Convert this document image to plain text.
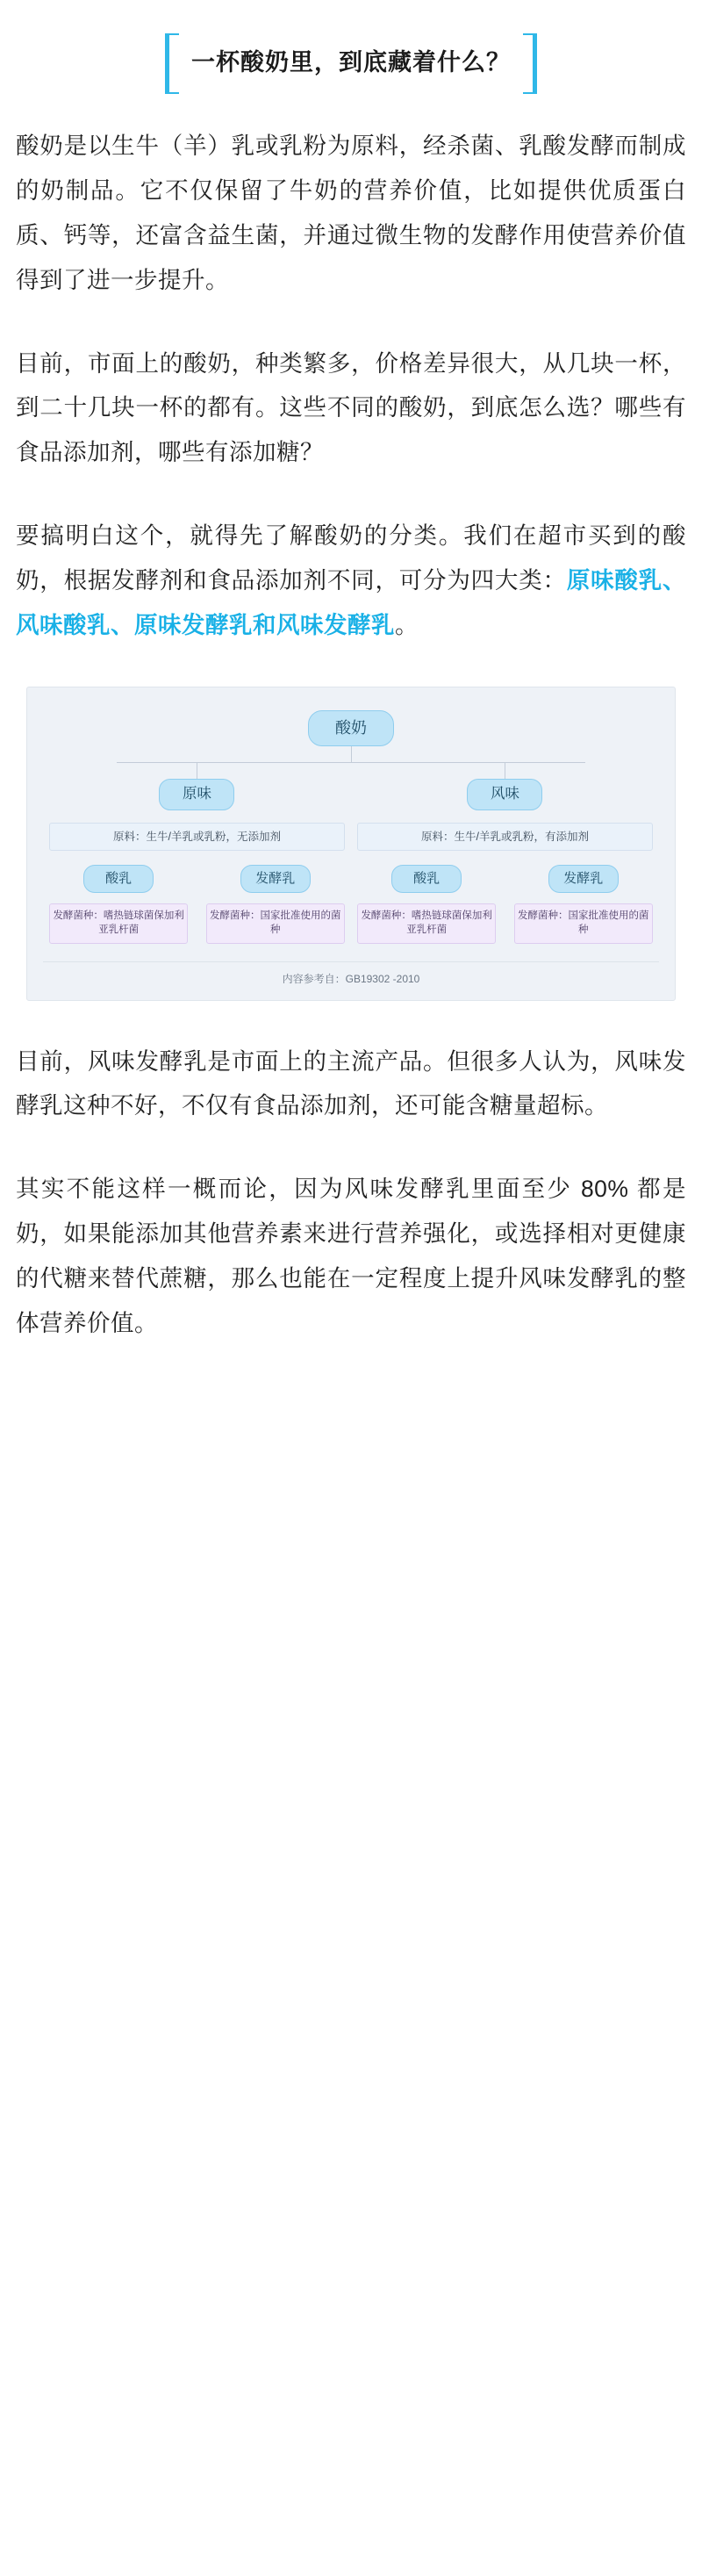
一杯酸奶里，到底藏着什么？

酸奶是以生牛（羊）乳或乳粉为原料，经杀菌、乳酸发酵而制成的奶制品。它不仅保留了牛奶的营养价值，比如提供优质蛋白质、钙等，还富含益生菌，并通过微生物的发酵作用使营养价值得到了进一步提升。

目前，市面上的酸奶，种类繁多，价格差异很大，从几块一杯，到二十几块一杯的都有。这些不同的酸奶，到底怎么选？哪些有食品添加剂，哪些有添加糖？

要搞明白这个，就得先了解酸奶的分类。我们在超市买到的酸奶，根据发酵剂和食品添加剂不同，可分为四大类：原味酸乳、风味酸乳、原味发酵乳和风味发酵乳。

酸奶
原味
原料：生牛/羊乳或乳粉，无添加剂
酸乳
发酵菌种：嗜热链球菌保加利亚乳杆菌
发酵乳
发酵菌种：国家批准使用的菌种
风味
原料：生牛/羊乳或乳粉，有添加剂
酸乳
发酵菌种：嗜热链球菌保加利亚乳杆菌
发酵乳
发酵菌种：国家批准使用的菌种
内容参考自：GB19302 -2010

目前，风味发酵乳是市面上的主流产品。但很多人认为，风味发酵乳这种不好，不仅有食品添加剂，还可能含糖量超标。

其实不能这样一概而论，因为风味发酵乳里面至少 80% 都是奶，如果能添加其他营养素来进行营养强化，或选择相对更健康的代糖来替代蔗糖，那么也能在一定程度上提升风味发酵乳的整体营养价值。
